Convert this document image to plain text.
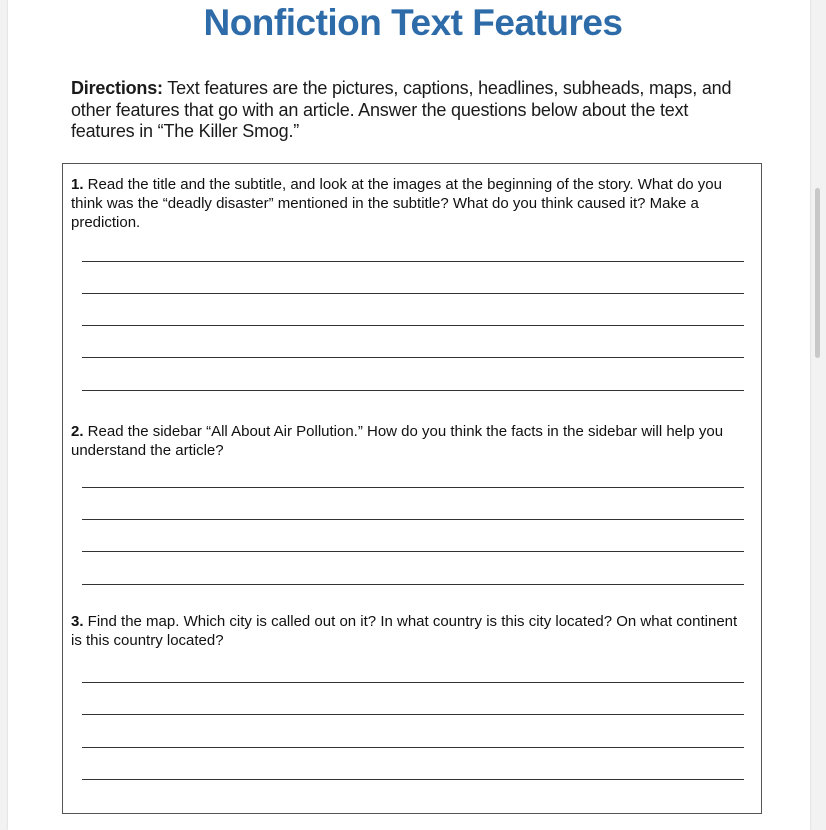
Nonfiction Text Features
Directions: Text features are the pictures, captions, headlines, subheads, maps, and other features that go with an article. Answer the questions below about the text features in “The Killer Smog.”
1. Read the title and the subtitle, and look at the images at the beginning of the story. What do you think was the “deadly disaster” mentioned in the subtitle? What do you think caused it? Make a prediction.
2. Read the sidebar “All About Air Pollution.” How do you think the facts in the sidebar will help you understand the article?
3. Find the map. Which city is called out on it? In what country is this city located? On what continent is this country located?
